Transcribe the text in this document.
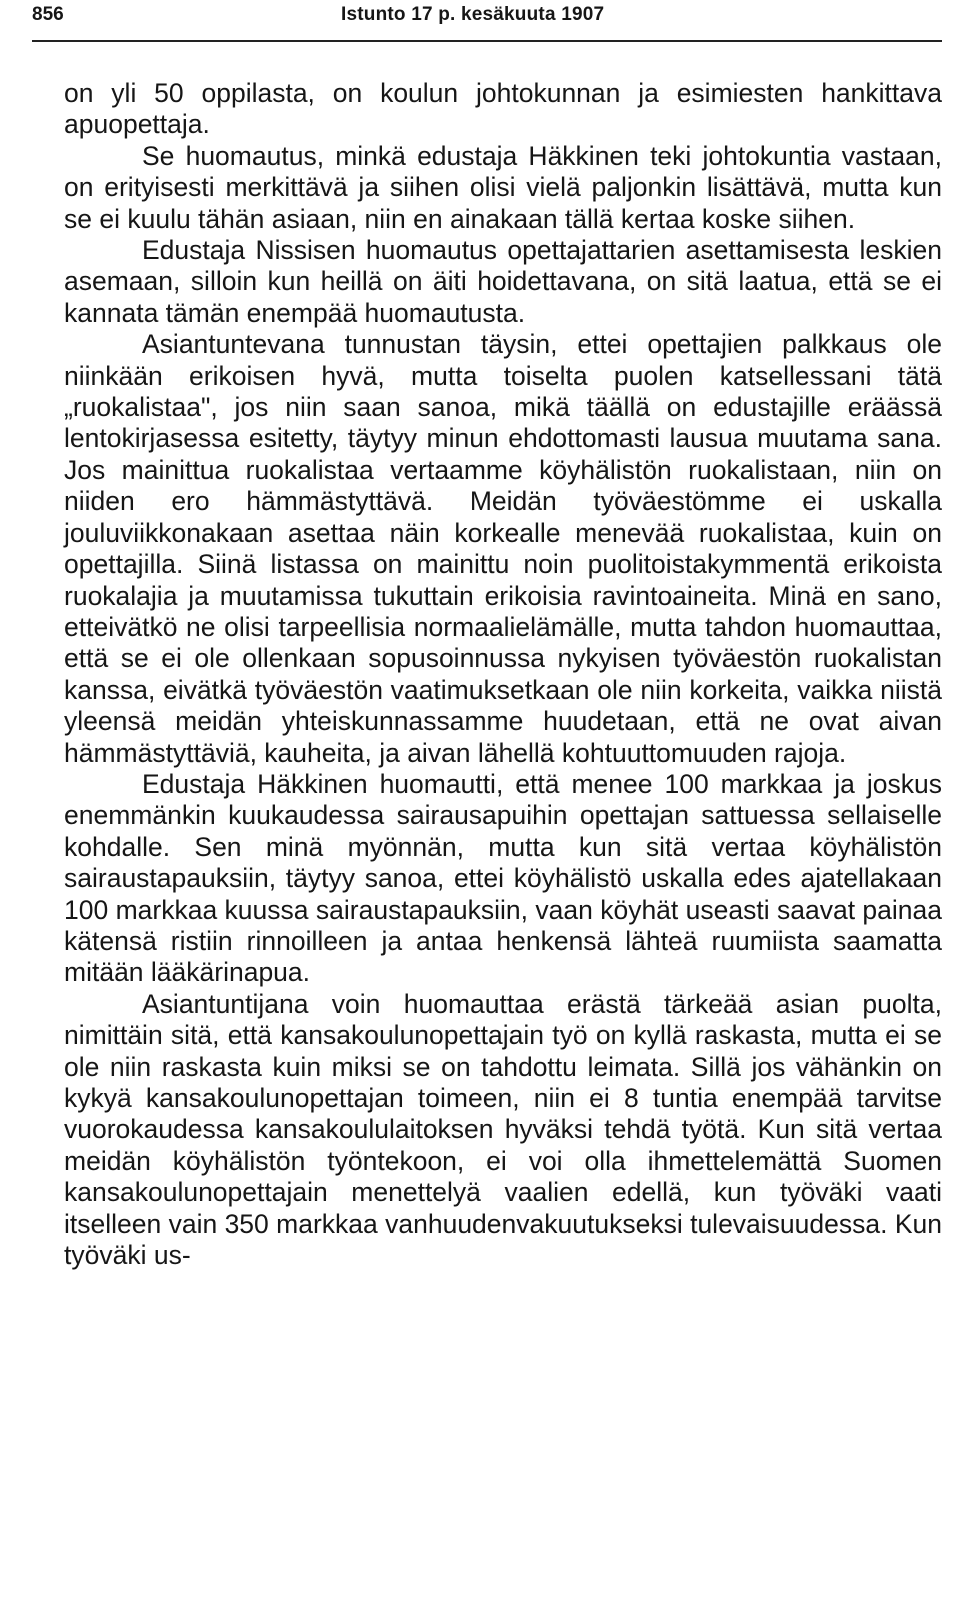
856	Istunto 17 p. kesäkuuta 1907

on yli 50 oppilasta, on koulun johtokunnan ja esimiesten hankittava apuopettaja.

Se huomautus, minkä edustaja Häkkinen teki johtokuntia vastaan, on erityisesti merkittävä ja siihen olisi vielä paljonkin lisättävä, mutta kun se ei kuulu tähän asiaan, niin en ainakaan tällä kertaa koske siihen.

Edustaja Nissisen huomautus opettajattarien asettamisesta leskien asemaan, silloin kun heillä on äiti hoidettavana, on sitä laatua, että se ei kannata tämän enempää huomautusta.

Asiantuntevana tunnustan täysin, ettei opettajien palkkaus ole niinkään erikoisen hyvä, mutta toiselta puolen katsellessani tätä „ruokalistaa", jos niin saan sanoa, mikä täällä on edustajille eräässä lentokirjasessa esitetty, täytyy minun ehdottomasti lausua muutama sana. Jos mainittua ruokalistaa vertaamme köyhälistön ruokalistaan, niin on niiden ero hämmästyttävä. Meidän työväestömme ei uskalla jouluviikkonakaan asettaa näin korkealle menevää ruokalistaa, kuin on opettajilla. Siinä listassa on mainittu noin puolitoistakymmentä erikoista ruokalajia ja muutamissa tukuttain erikoisia ravintoaineita. Minä en sano, etteivätkö ne olisi tarpeellisia normaalielämälle, mutta tahdon huomauttaa, että se ei ole ollenkaan sopusoinnussa nykyisen työväestön ruokalistan kanssa, eivätkä työväestön vaatimuksetkaan ole niin korkeita, vaikka niistä yleensä meidän yhteiskunnassamme huudetaan, että ne ovat aivan hämmästyttäviä, kauheita, ja aivan lähellä kohtuuttomuuden rajoja.

Edustaja Häkkinen huomautti, että menee 100 markkaa ja joskus enemmänkin kuukaudessa sairausapuihin opettajan sattuessa sellaiselle kohdalle. Sen minä myönnän, mutta kun sitä vertaa köyhälistön sairaustapauksiin, täytyy sanoa, ettei köyhälistö uskalla edes ajatellakaan 100 markkaa kuussa sairaustapauksiin, vaan köyhät useasti saavat painaa kätensä ristiin rinnoilleen ja antaa henkensä lähteä ruumiista saamatta mitään lääkärinapua.

Asiantuntijana voin huomauttaa erästä tärkeää asian puolta, nimittäin sitä, että kansakoulunopettajain työ on kyllä raskasta, mutta ei se ole niin raskasta kuin miksi se on tahdottu leimata. Sillä jos vähänkin on kykyä kansakoulunopettajan toimeen, niin ei 8 tuntia enempää tarvitse vuorokaudessa kansakoululaitoksen hyväksi tehdä työtä. Kun sitä vertaa meidän köyhälistön työntekoon, ei voi olla ihmettelemättä Suomen kansakoulunopettajain menettelyä vaalien edellä, kun työväki vaati itselleen vain 350 markkaa vanhuudenvakuutukseksi tulevaisuudessa. Kun työväki us-
